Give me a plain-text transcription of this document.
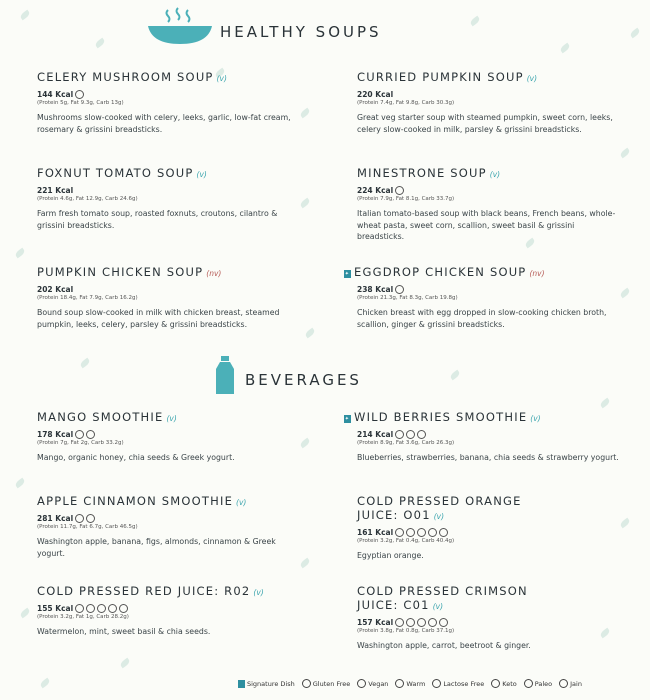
HEALTHY SOUPS
CELERY MUSHROOM SOUP (v)
144 Kcal
(Protein 5g, Fat 9.3g, Carb 13g)
Mushrooms slow-cooked with celery, leeks, garlic, low-fat cream, rosemary & grissini breadsticks.
CURRIED PUMPKIN SOUP (v)
220 Kcal
(Protein 7.4g, Fat 9.8g, Carb 30.3g)
Great veg starter soup with steamed pumpkin, sweet corn, leeks, celery slow-cooked in milk, parsley & grissini breadsticks.
FOXNUT TOMATO SOUP (v)
221 Kcal
(Protein 4.6g, Fat 12.9g, Carb 24.6g)
Farm fresh tomato soup, roasted foxnuts, croutons, cilantro & grissini breadsticks.
MINESTRONE SOUP (v)
224 Kcal
(Protein 7.9g, Fat 8.1g, Carb 33.7g)
Italian tomato-based soup with black beans, French beans, whole-wheat pasta, sweet corn, scallion, sweet basil & grissini breadsticks.
PUMPKIN CHICKEN SOUP (nv)
202 Kcal
(Protein 18.4g, Fat 7.9g, Carb 16.2g)
Bound soup slow-cooked in milk with chicken breast, steamed pumpkin, leeks, celery, parsley & grissini breadsticks.
✦ EGGDROP CHICKEN SOUP (nv)
238 Kcal
(Protein 21.3g, Fat 8.3g, Carb 19.8g)
Chicken breast with egg dropped in slow-cooking chicken broth, scallion, ginger & grissini breadsticks.
BEVERAGES
MANGO SMOOTHIE (v)
178 Kcal
(Protein 7g, Fat 2g, Carb 33.2g)
Mango, organic honey, chia seeds & Greek yogurt.
✦ WILD BERRIES SMOOTHIE (v)
214 Kcal
(Protein 8.9g, Fat 3.6g, Carb 26.3g)
Blueberries, strawberries, banana, chia seeds & strawberry yogurt.
APPLE CINNAMON SMOOTHIE (v)
281 Kcal
(Protein 11.7g, Fat 6.7g, Carb 46.5g)
Washington apple, banana, figs, almonds, cinnamon & Greek yogurt.
COLD PRESSED ORANGE
JUICE: O01 (v)
161 Kcal
(Protein 3.2g, Fat 0.4g, Carb 40.4g)
Egyptian orange.
COLD PRESSED RED JUICE: R02 (v)
155 Kcal
(Protein 3.2g, Fat 1g, Carb 28.2g)
Watermelon, mint, sweet basil & chia seeds.
COLD PRESSED CRIMSON
JUICE: C01 (v)
157 Kcal
(Protein 3.8g, Fat 0.8g, Carb 37.1g)
Washington apple, carrot, beetroot & ginger.
Signature Dish	Gluten Free	Vegan	Warm	Lactose Free	Keto	Paleo	Jain
